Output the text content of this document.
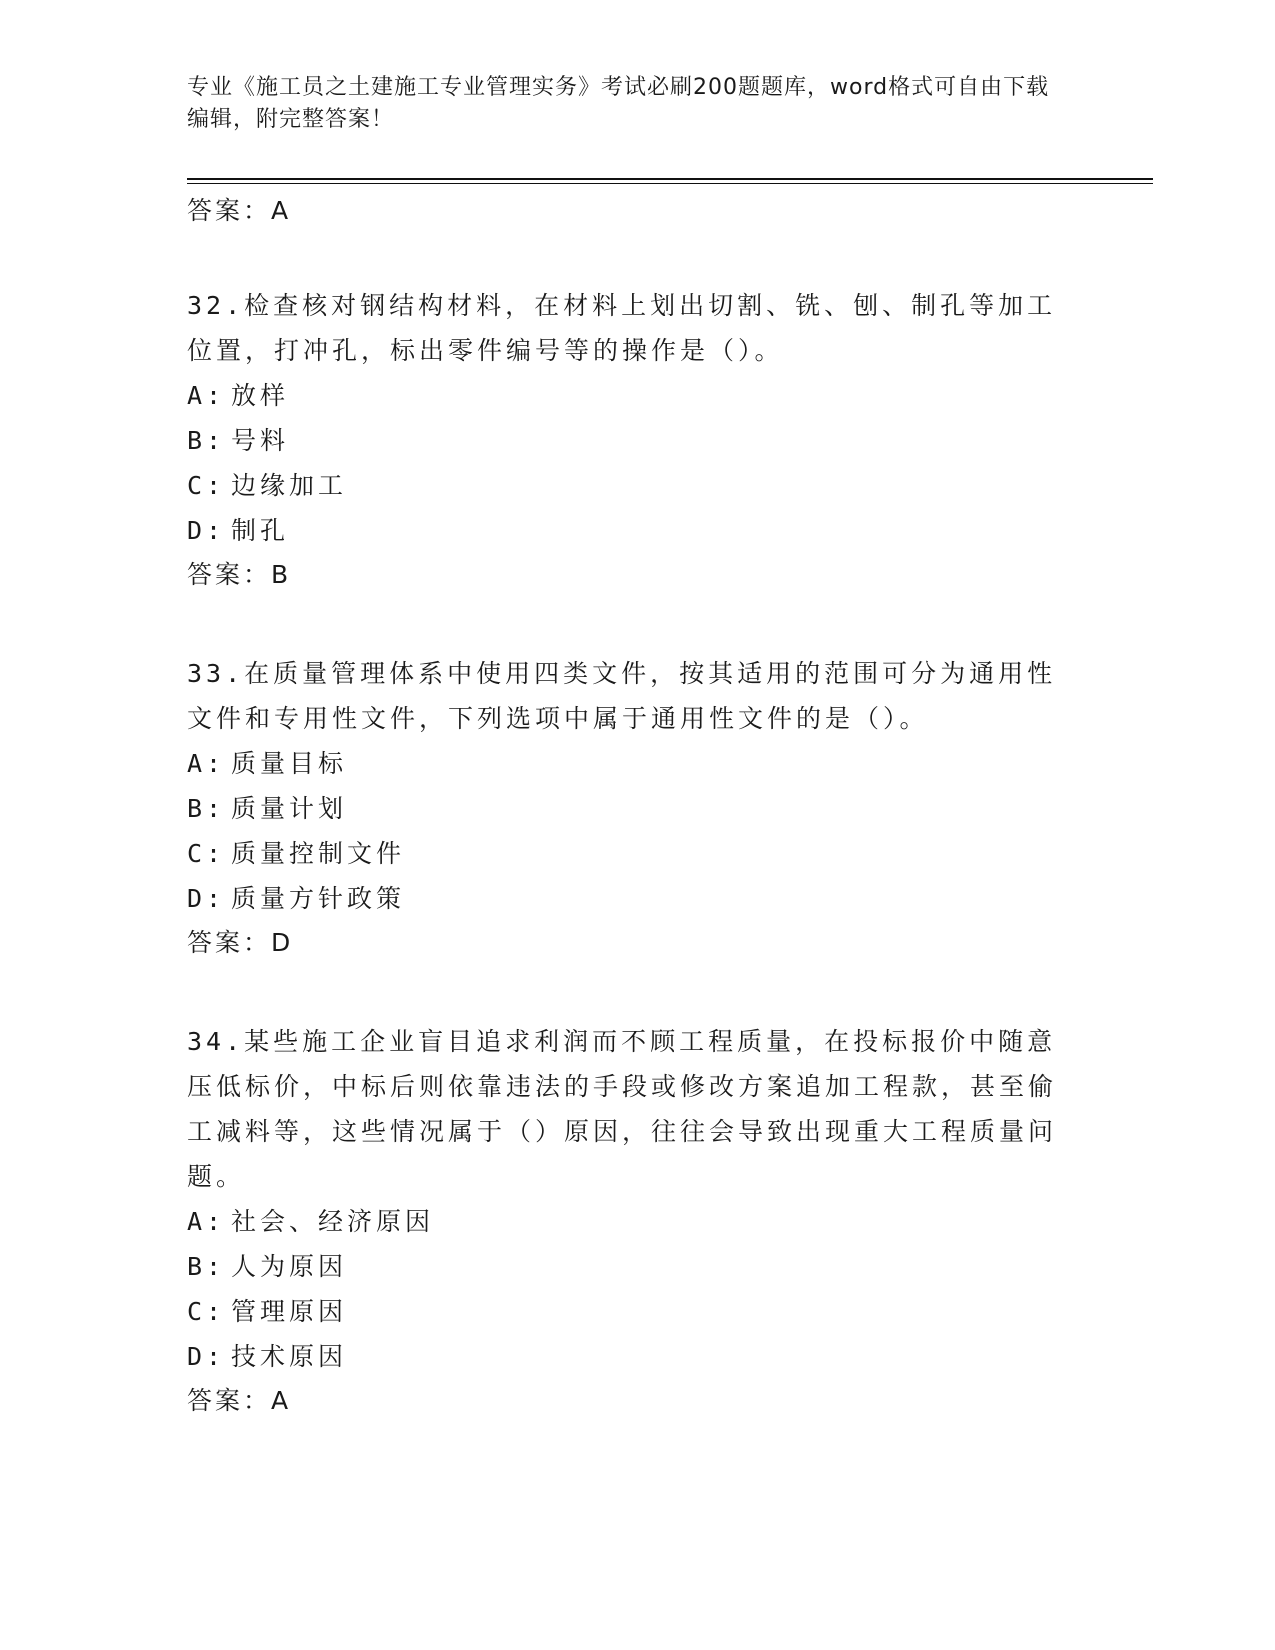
专业《施工员之土建施工专业管理实务》考试必刷200题题库，word格式可自由下载编辑，附完整答案！
答案：A
32.检查核对钢结构材料，在材料上划出切割、铣、刨、制孔等加工位置，打冲孔，标出零件编号等的操作是（）。
A: 放样
B: 号料
C: 边缘加工
D: 制孔
答案：B
33.在质量管理体系中使用四类文件，按其适用的范围可分为通用性文件和专用性文件，下列选项中属于通用性文件的是（）。
A: 质量目标
B: 质量计划
C: 质量控制文件
D: 质量方针政策
答案：D
34.某些施工企业盲目追求利润而不顾工程质量，在投标报价中随意压低标价，中标后则依靠违法的手段或修改方案追加工程款，甚至偷工减料等，这些情况属于（）原因，往往会导致出现重大工程质量问题。
A: 社会、经济原因
B: 人为原因
C: 管理原因
D: 技术原因
答案：A
